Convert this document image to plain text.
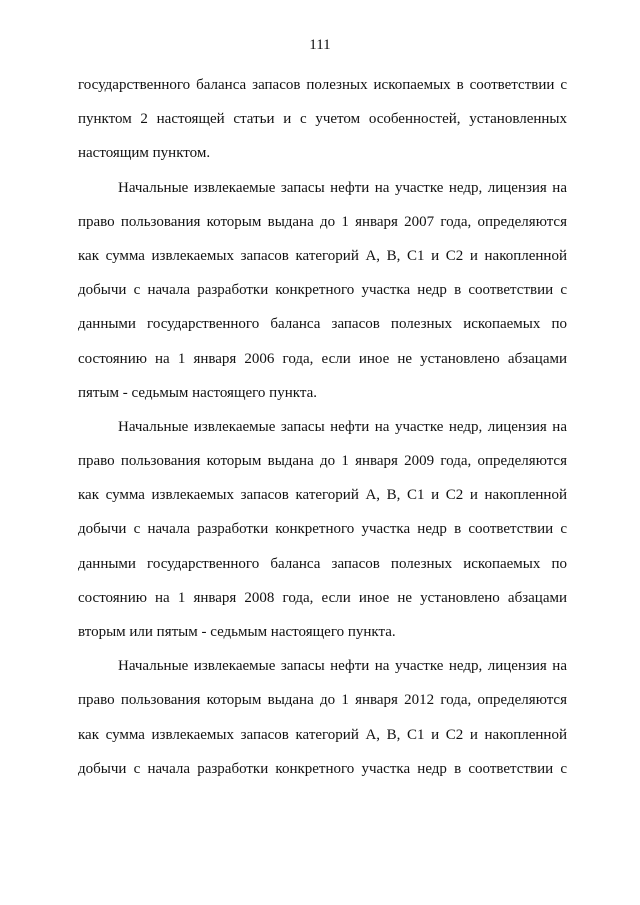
111
государственного баланса запасов полезных ископаемых в соответствии с
пунктом 2 настоящей статьи и с учетом особенностей, установленных
настоящим пунктом.
Начальные извлекаемые запасы нефти на участке недр, лицензия на
право пользования которым выдана до 1 января 2007 года, определяются
как сумма извлекаемых запасов категорий А, В, С1 и С2 и накопленной
добычи с начала разработки конкретного участка недр в соответствии с
данными государственного баланса запасов полезных ископаемых по
состоянию на 1 января 2006 года, если иное не установлено абзацами
пятым - седьмым настоящего пункта.
Начальные извлекаемые запасы нефти на участке недр, лицензия на
право пользования которым выдана до 1 января 2009 года, определяются
как сумма извлекаемых запасов категорий А, В, С1 и С2 и накопленной
добычи с начала разработки конкретного участка недр в соответствии с
данными государственного баланса запасов полезных ископаемых по
состоянию на 1 января 2008 года, если иное не установлено абзацами
вторым или пятым - седьмым настоящего пункта.
Начальные извлекаемые запасы нефти на участке недр, лицензия на
право пользования которым выдана до 1 января 2012 года, определяются
как сумма извлекаемых запасов категорий А, В, С1 и С2 и накопленной
добычи с начала разработки конкретного участка недр в соответствии с
